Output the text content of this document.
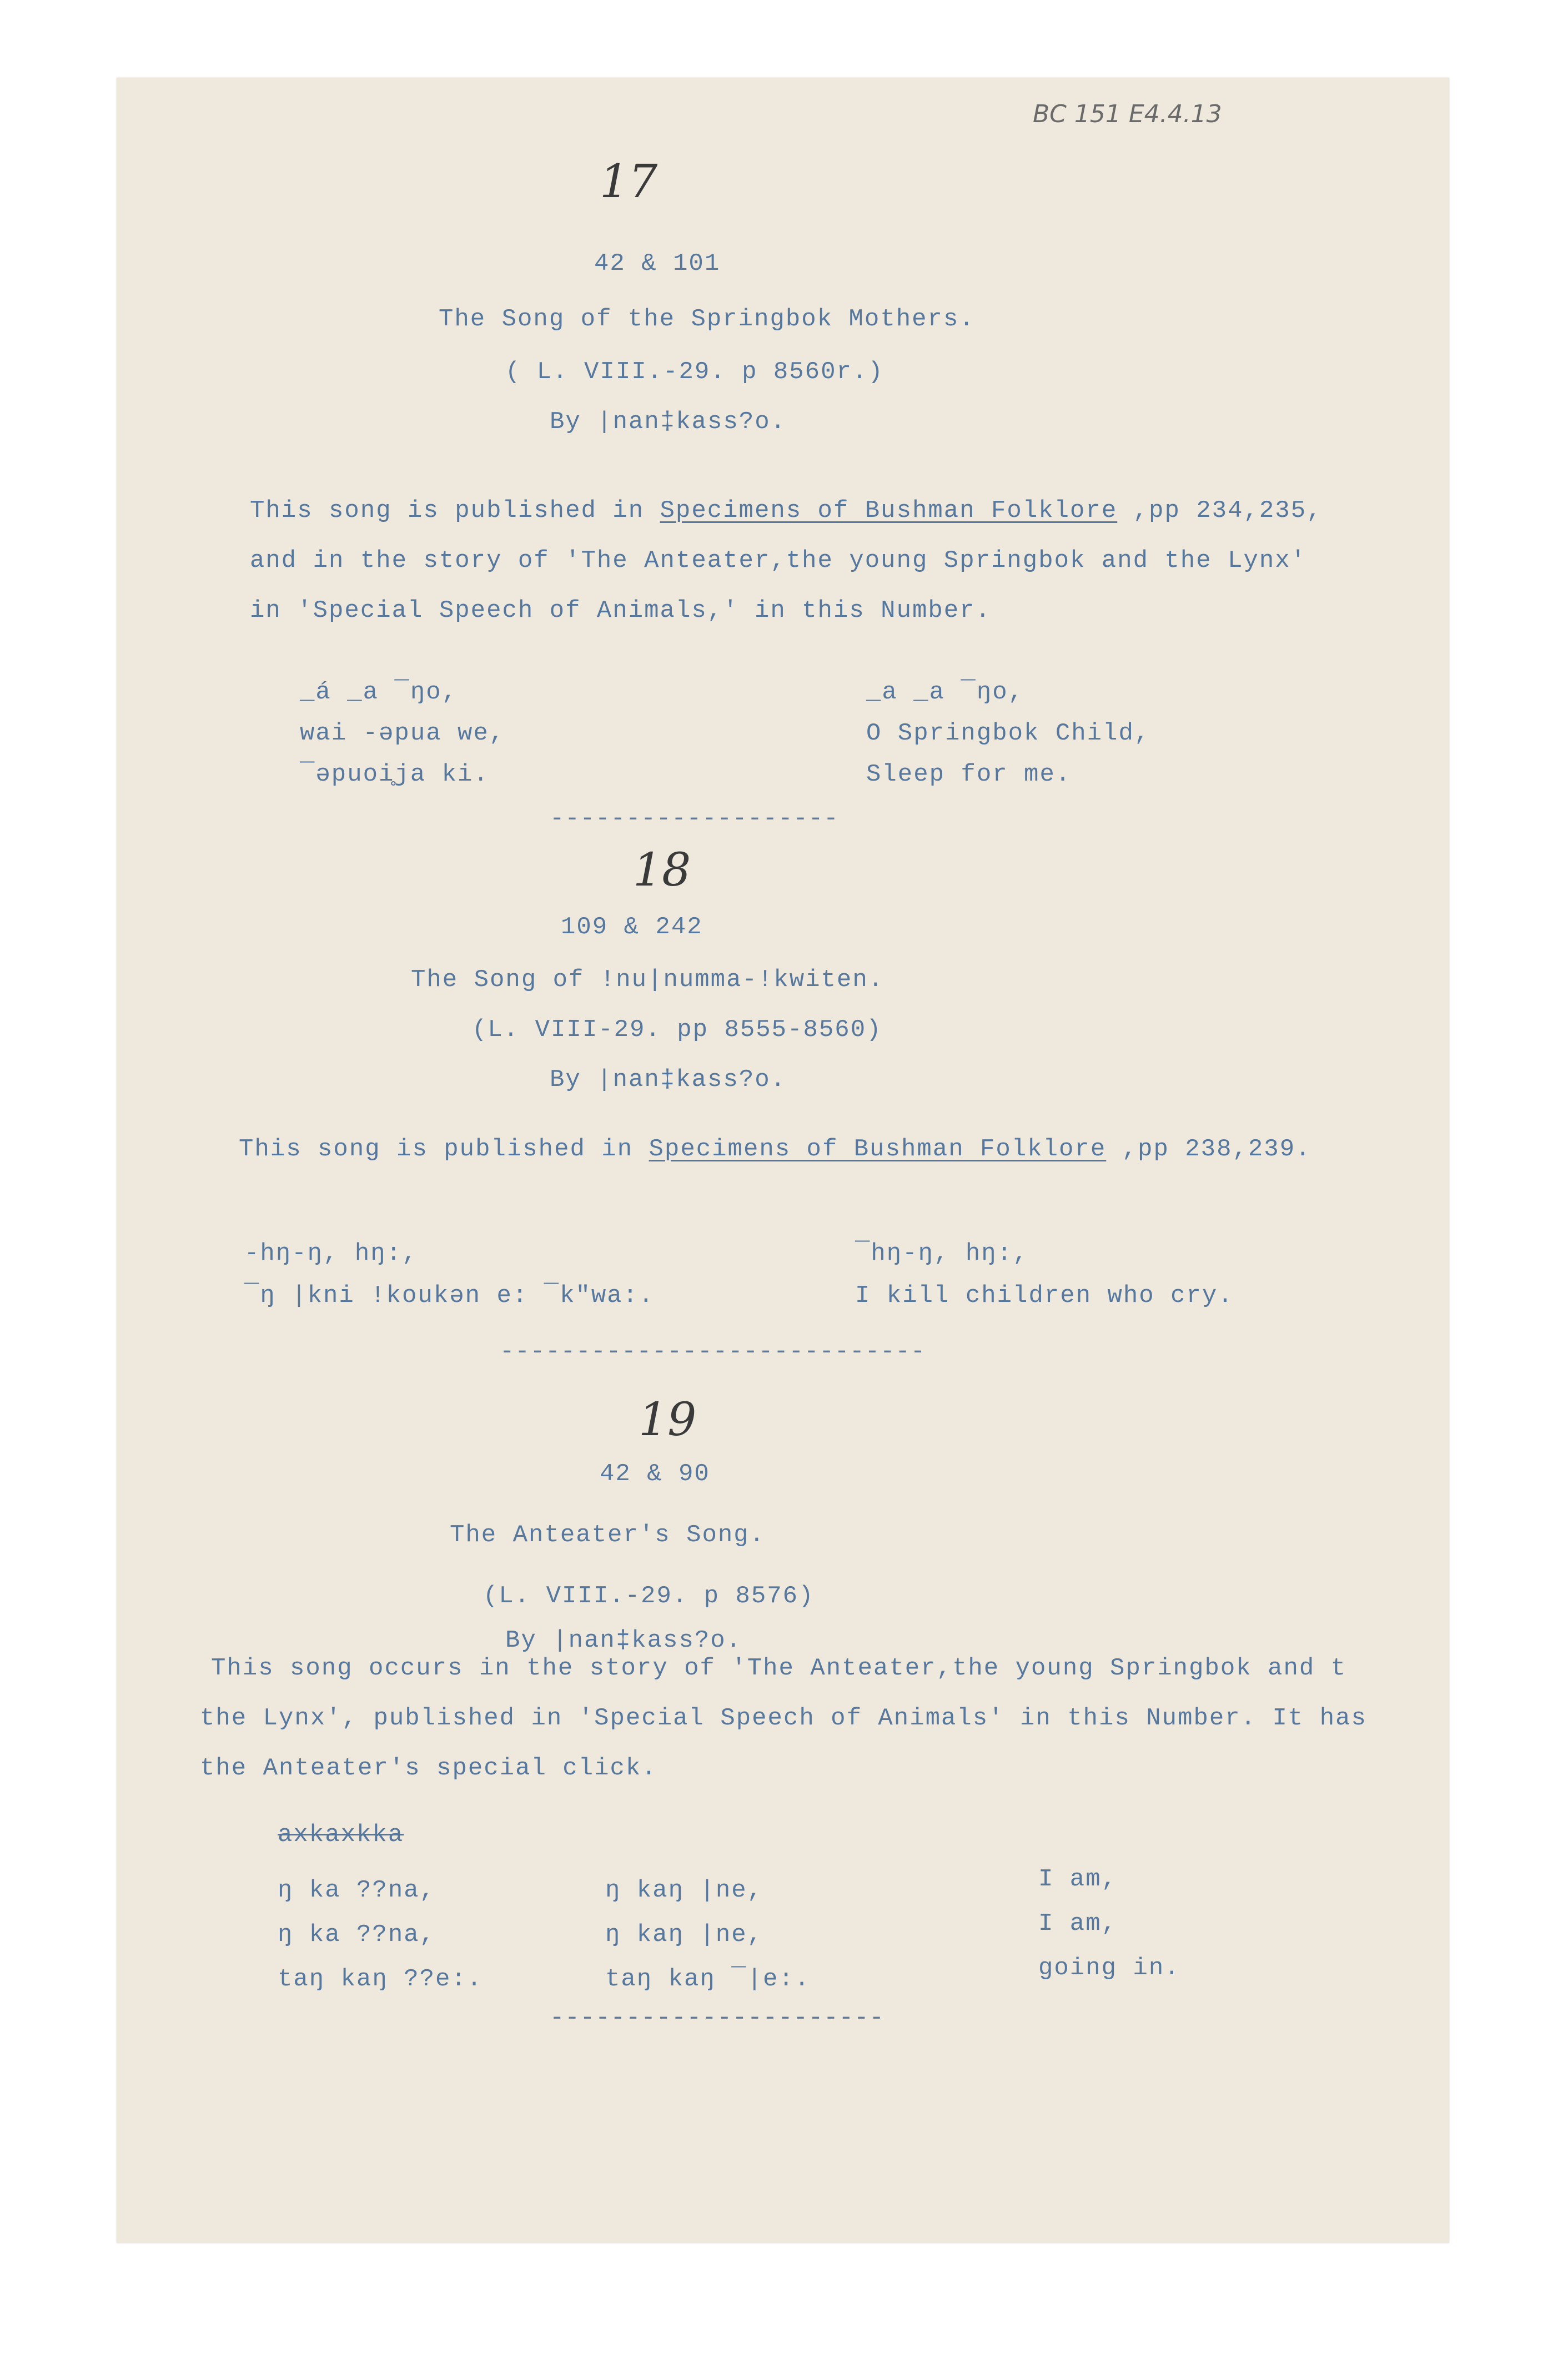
BC 151 E4.4.13
17
42 & 101
The Song of the Springbok Mothers.
( L. VIII.-29. p 8560r.)
By |nan‡kass?o.
This song is published in Specimens of Bushman Folklore ,pp 234,235,
and in the story of 'The Anteater,the young Springbok and the Lynx'
in 'Special Speech of Animals,' in this Number.
_á _a ¯ŋo,
wai -əpua we,
¯əpuoi̥ja ki.
_a _a ¯ŋo,
O Springbok Child,
Sleep for me.
-------------------
18
109 & 242
The Song of !nu|numma-!kwiten.
(L. VIII-29. pp 8555-8560)
By |nan‡kass?o.
This song is published in Specimens of Bushman Folklore ,pp 238,239.
-hŋ-ŋ, hŋ:,
¯ŋ |kni !koukən e: ¯k"wa:.
¯hŋ-ŋ, hŋ:,
I kill children who cry.
----------------------------
19
42 & 90
The Anteater's Song.
(L. VIII.-29. p 8576)
By |nan‡kass?o.
This song occurs in the story of 'The Anteater,the young Springbok and t
the Lynx', published in 'Special Speech of Animals' in this Number. It has
the Anteater's special click.
axkaxkka
ŋ ka ??na,
ŋ ka ??na,
taŋ kaŋ ??e:.
ŋ kaŋ |ne,
ŋ kaŋ |ne,
taŋ kaŋ ¯|e:.
I am,
I am,
going in.
----------------------
